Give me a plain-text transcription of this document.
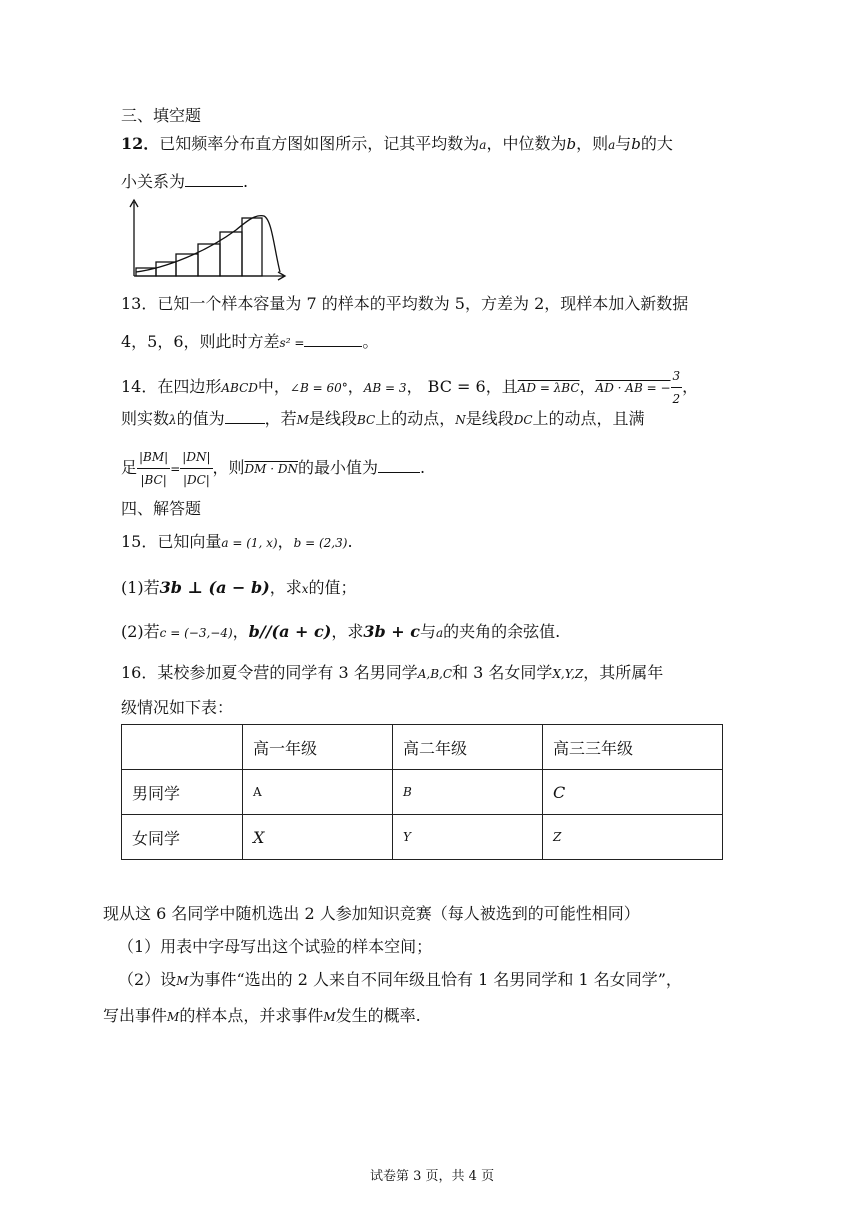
三、填空题
12．已知频率分布直方图如图所示，记其平均数为a，中位数为b，则a与b的大
小关系为	.
13．已知一个样本容量为 7 的样本的平均数为 5，方差为 2，现样本加入新数据
4，5，6，则此时方差s² =	。
14．在四边形ABCD中，∠B = 60°，AB = 3， BC = 6，且AD = λBC，AD · AB = − $\frac{3}{2}$ ，
则实数λ的值为	，若M是线段BC上的动点，N是线段DC上的动点，且满
足 $\frac{|BM|}{|BC|} = \frac{|DN|}{|DC|}$ ，则DM · DN的最小值为	.
四、解答题
15．已知向量a = (1, x)，b = (2,3).
(1)若3b ⊥ (a − b)，求x的值；
(2)若c = (−3,−4)，b//(a + c)，求3b + c与a的夹角的余弦值.
16．某校参加夏令营的同学有 3 名男同学A,B,C和 3 名女同学X,Y,Z，其所属年
级情况如下表：
	高一年级	高二年级	高三三年级
男同学	A	B	C
女同学	X	Y	Z
现从这 6 名同学中随机选出 2 人参加知识竞赛（每人被选到的可能性相同）
（1）用表中字母写出这个试验的样本空间；
（2）设M为事件“选出的 2 人来自不同年级且恰有 1 名男同学和 1 名女同学”，
写出事件M的样本点，并求事件M发生的概率.
试卷第 3 页，共 4 页
